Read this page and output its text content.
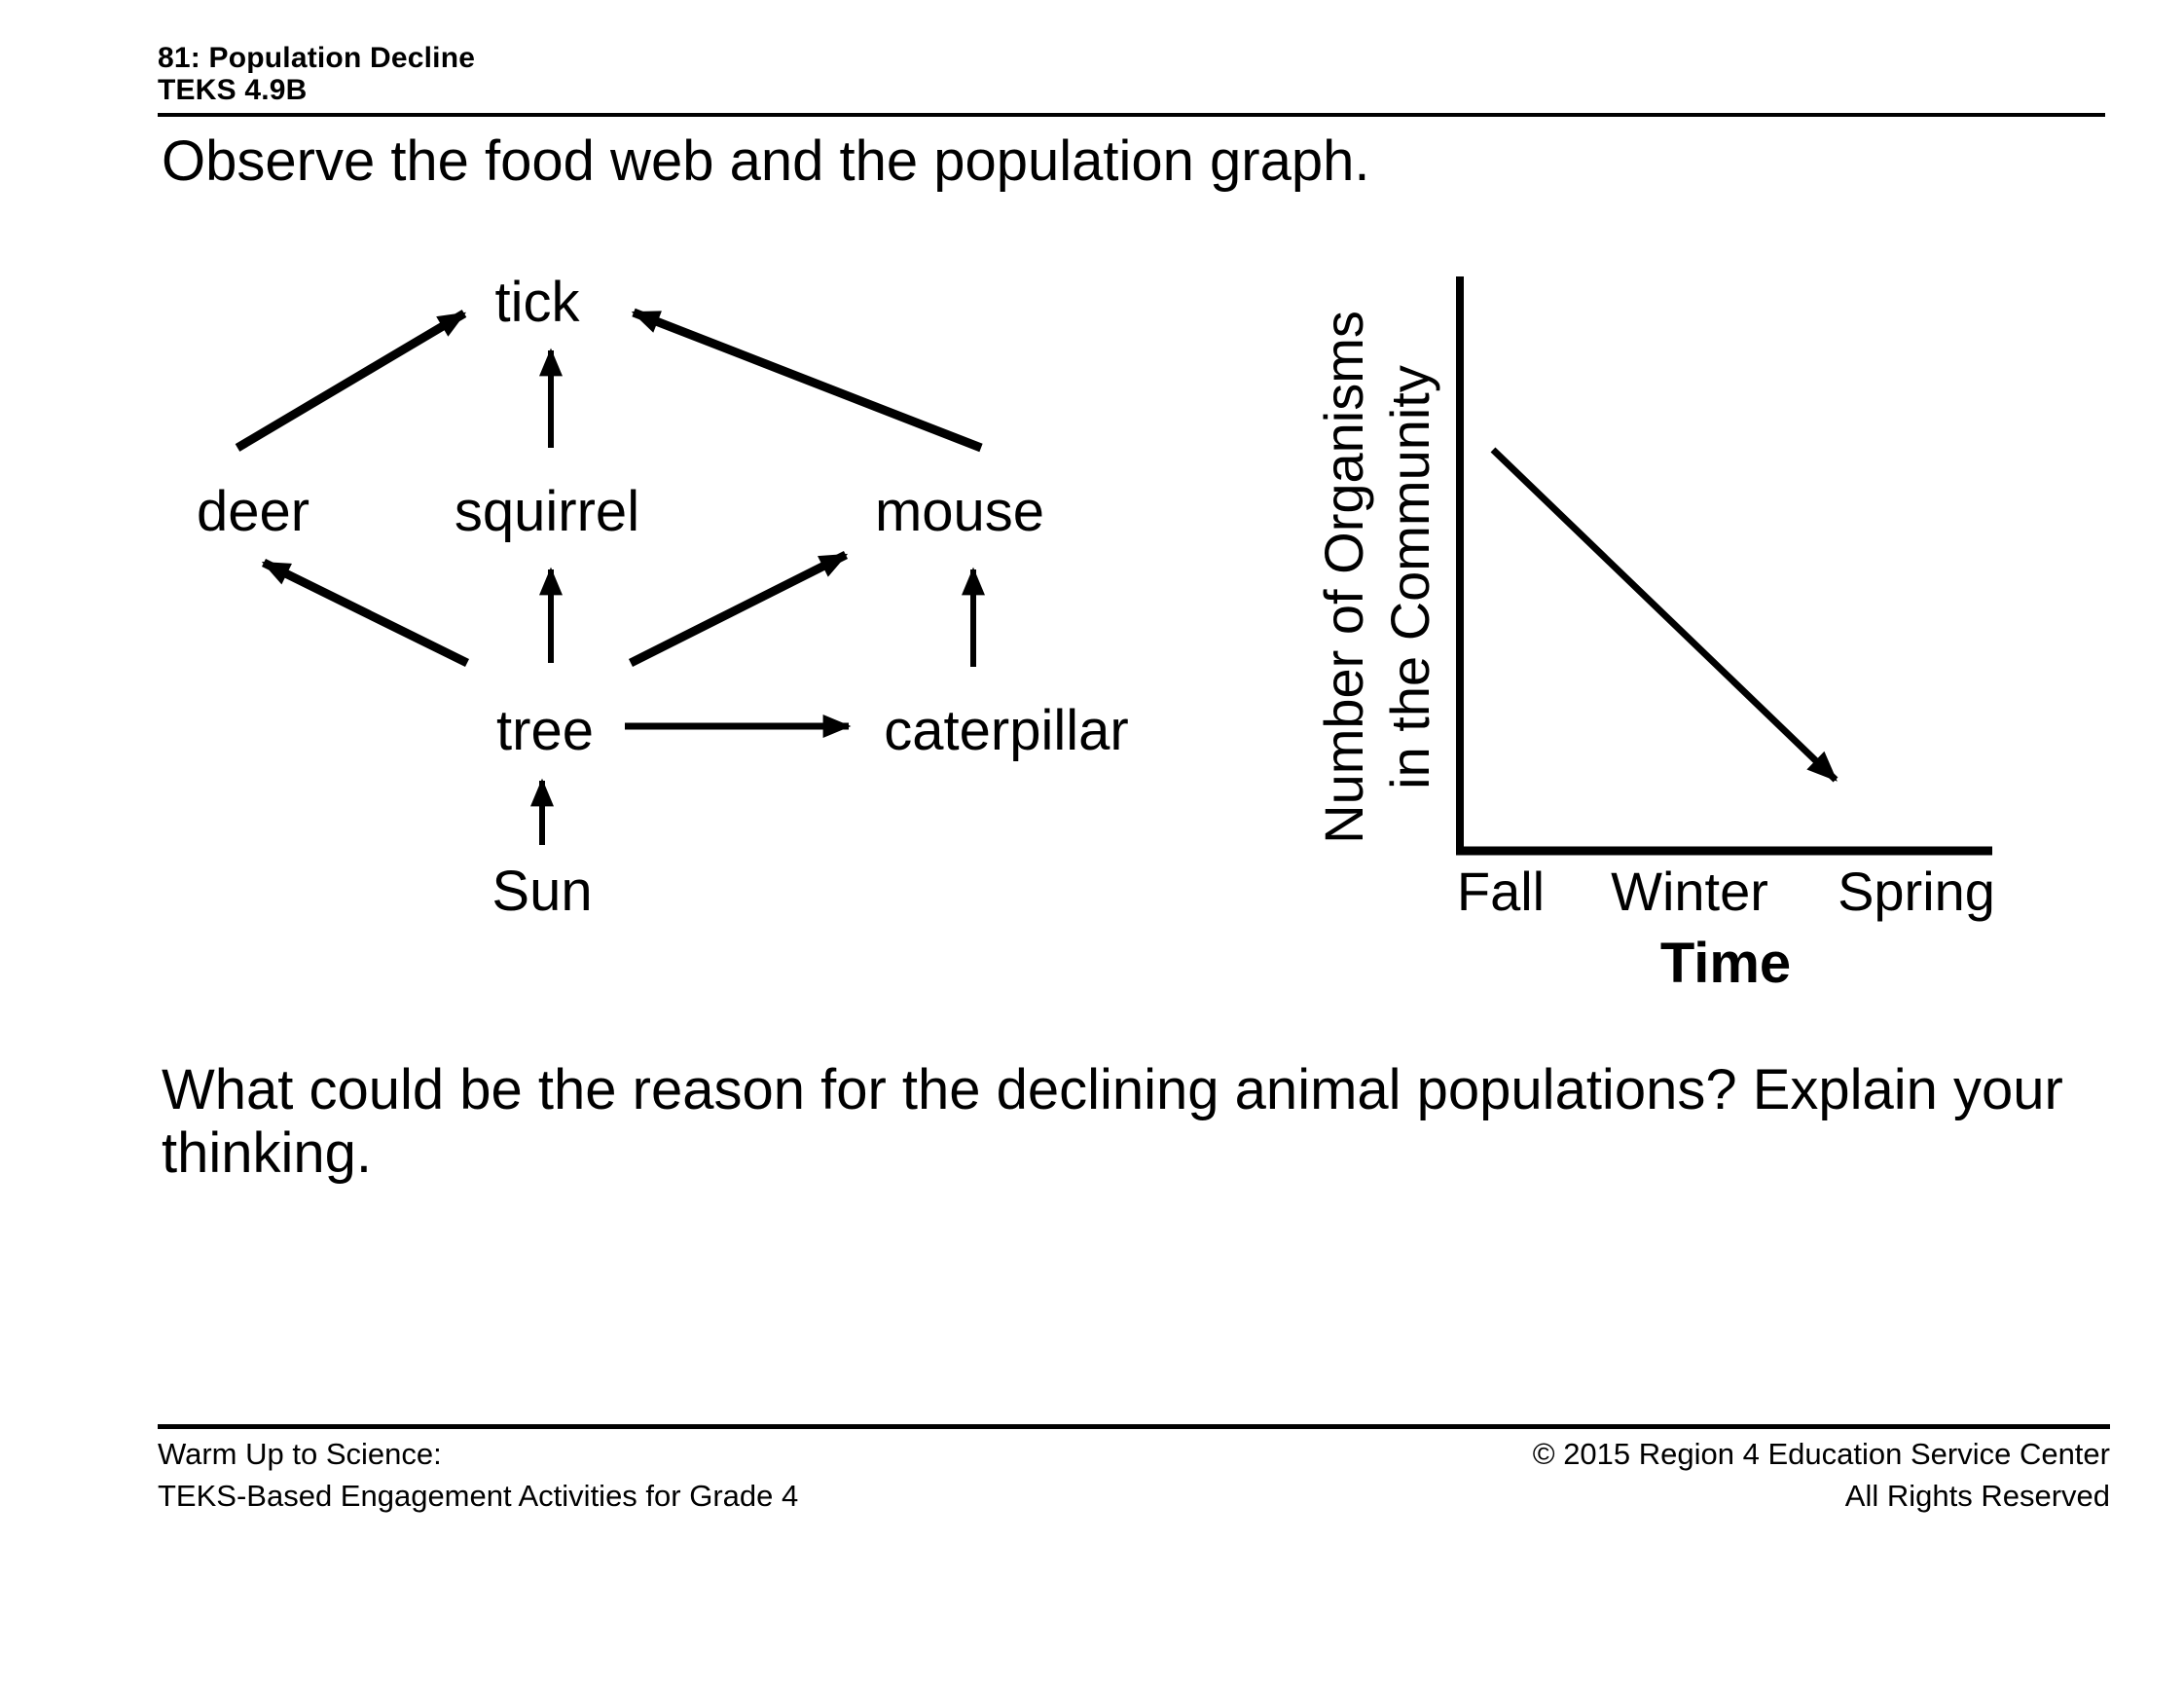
81: Population Decline
TEKS 4.9B
Observe the food web and the population graph.
tick
deer	squirrel	mouse
tree	caterpillar
Sun
Number of Organisms in the Community
Fall Winter Spring
Time
What could be the reason for the declining animal populations? Explain your
thinking.
Warm Up to Science:
TEKS-Based Engagement Activities for Grade 4
© 2015 Region 4 Education Service Center
All Rights Reserved
